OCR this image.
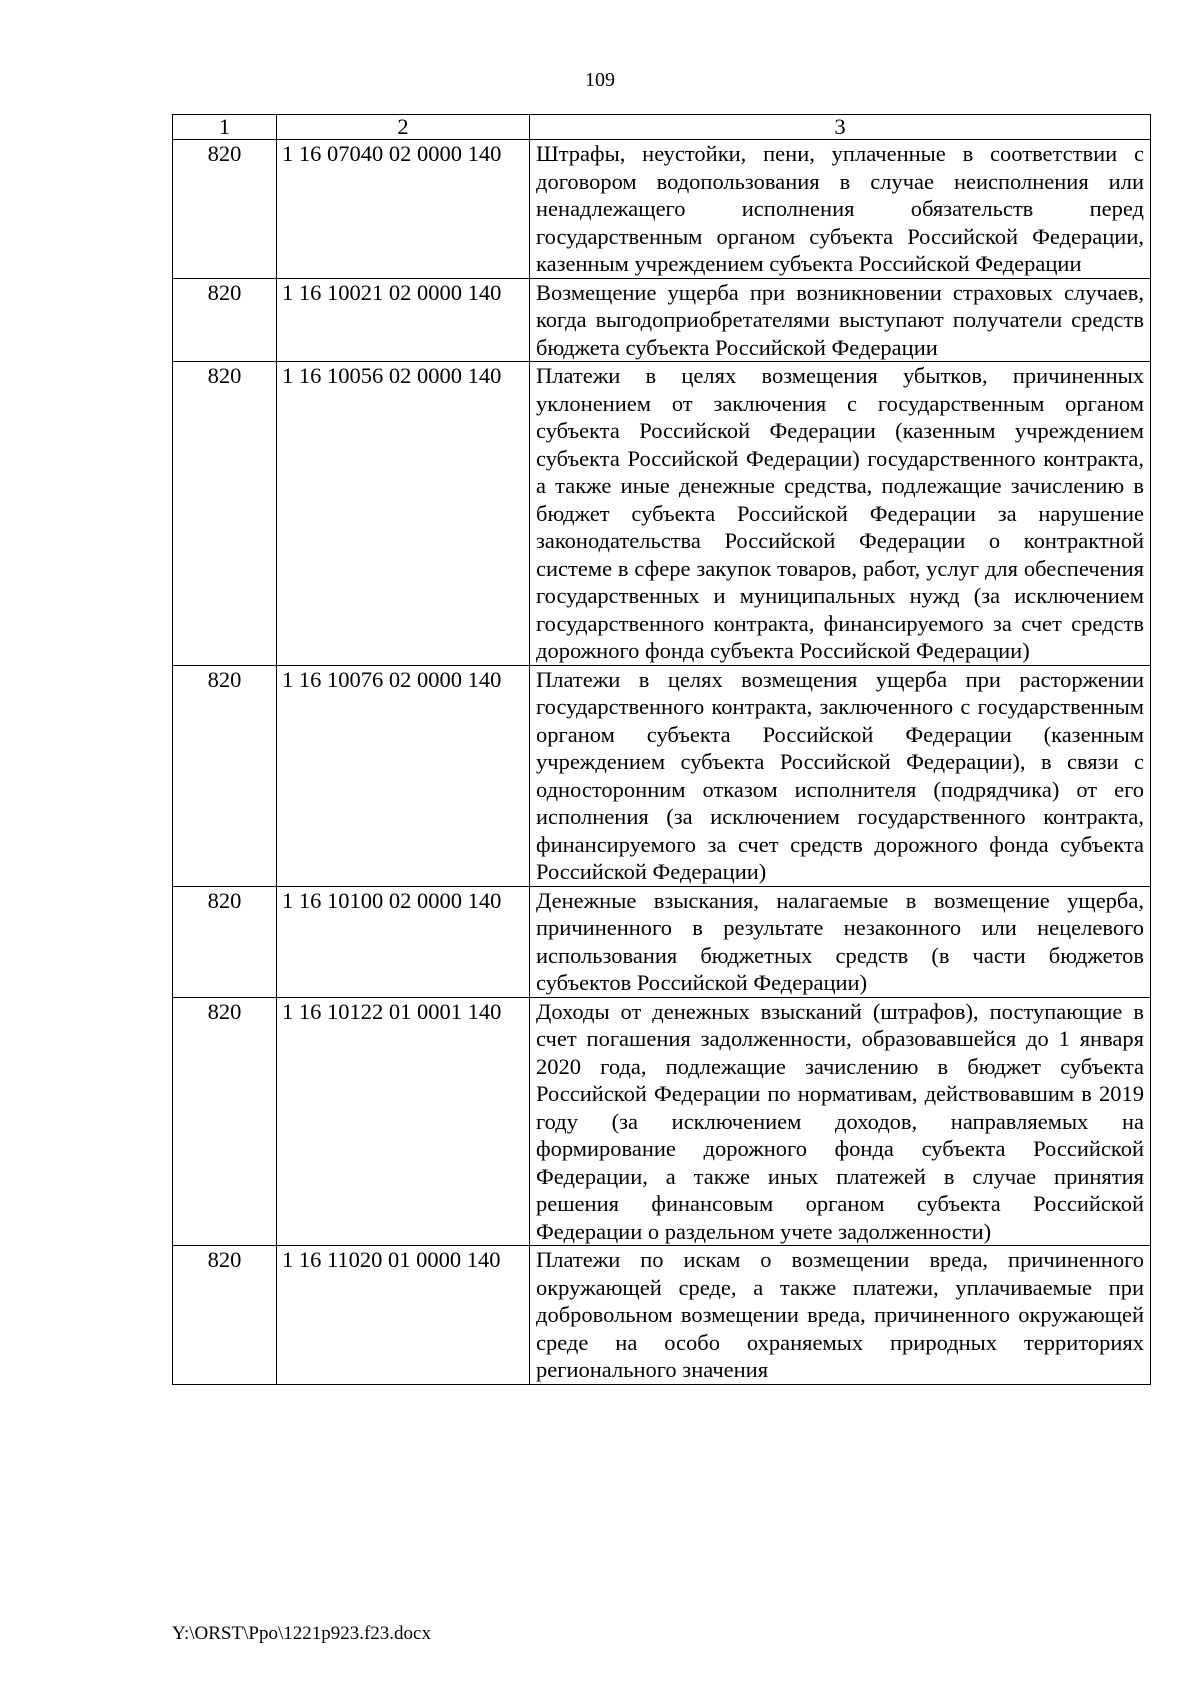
109
1	2	3
820	1 16 07040 02 0000 140	Штрафы, неустойки, пени, уплаченные в соответствии с договором водопользования в случае неисполнения или ненадлежащего исполнения обязательств перед государственным органом субъекта Российской Федерации, казенным учреждением субъекта Российской Федерации
820	1 16 10021 02 0000 140	Возмещение ущерба при возникновении страховых случаев, когда выгодоприобретателями выступают получатели средств бюджета субъекта Российской Федерации
820	1 16 10056 02 0000 140	Платежи в целях возмещения убытков, причиненных уклонением от заключения с государственным органом субъекта Российской Федерации (казенным учреждением субъекта Российской Федерации) государственного контракта, а также иные денежные средства, подлежащие зачислению в бюджет субъекта Российской Федерации за нарушение законодательства Российской Федерации о контрактной системе в сфере закупок товаров, работ, услуг для обеспечения государственных и муниципальных нужд (за исключением государственного контракта, финансируемого за счет средств дорожного фонда субъекта Российской Федерации)
820	1 16 10076 02 0000 140	Платежи в целях возмещения ущерба при расторжении государственного контракта, заключенного с государственным органом субъекта Российской Федерации (казенным учреждением субъекта Российской Федерации), в связи с односторонним отказом исполнителя (подрядчика) от его исполнения (за исключением государственного контракта, финансируемого за счет средств дорожного фонда субъекта Российской Федерации)
820	1 16 10100 02 0000 140	Денежные взыскания, налагаемые в возмещение ущерба, причиненного в результате незаконного или нецелевого использования бюджетных средств (в части бюджетов субъектов Российской Федерации)
820	1 16 10122 01 0001 140	Доходы от денежных взысканий (штрафов), поступающие в счет погашения задолженности, образовавшейся до 1 января 2020 года, подлежащие зачислению в бюджет субъекта Российской Федерации по нормативам, действовавшим в 2019 году (за исключением доходов, направляемых на формирование дорожного фонда субъекта Российской Федерации, а также иных платежей в случае принятия решения финансовым органом субъекта Российской Федерации о раздельном учете задолженности)
820	1 16 11020 01 0000 140	Платежи по искам о возмещении вреда, причиненного окружающей среде, а также платежи, уплачиваемые при добровольном возмещении вреда, причиненного окружающей среде на особо охраняемых природных территориях регионального значения
Y:\ORST\Ppo\1221p923.f23.docx
